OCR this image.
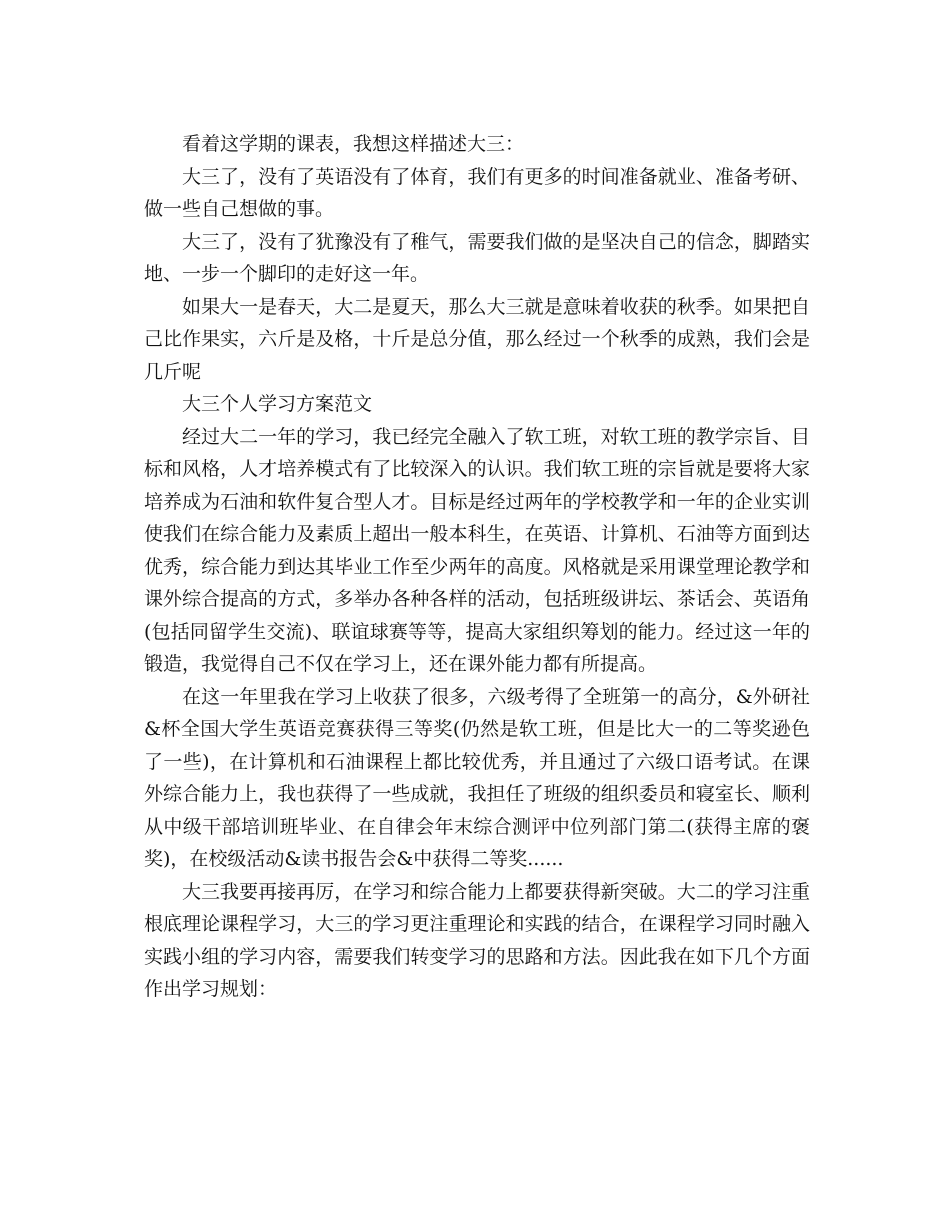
看着这学期的课表，我想这样描述大三：

大三了，没有了英语没有了体育，我们有更多的时间准备就业、准备考研、做一些自己想做的事。

大三了，没有了犹豫没有了稚气，需要我们做的是坚决自己的信念，脚踏实地、一步一个脚印的走好这一年。

如果大一是春天，大二是夏天，那么大三就是意味着收获的秋季。如果把自己比作果实，六斤是及格，十斤是总分值，那么经过一个秋季的成熟，我们会是几斤呢

大三个人学习方案范文

经过大二一年的学习，我已经完全融入了软工班，对软工班的教学宗旨、目标和风格，人才培养模式有了比较深入的认识。我们软工班的宗旨就是要将大家培养成为石油和软件复合型人才。目标是经过两年的学校教学和一年的企业实训使我们在综合能力及素质上超出一般本科生，在英语、计算机、石油等方面到达优秀，综合能力到达其毕业工作至少两年的高度。风格就是采用课堂理论教学和课外综合提高的方式，多举办各种各样的活动，包括班级讲坛、茶话会、英语角(包括同留学生交流)、联谊球赛等等，提高大家组织筹划的能力。经过这一年的锻造，我觉得自己不仅在学习上，还在课外能力都有所提高。

在这一年里我在学习上收获了很多，六级考得了全班第一的高分，&外研社&杯全国大学生英语竞赛获得三等奖(仍然是软工班，但是比大一的二等奖逊色了一些)，在计算机和石油课程上都比较优秀，并且通过了六级口语考试。在课外综合能力上，我也获得了一些成就，我担任了班级的组织委员和寝室长、顺利从中级干部培训班毕业、在自律会年末综合测评中位列部门第二(获得主席的褒奖)，在校级活动&读书报告会&中获得二等奖......

大三我要再接再厉，在学习和综合能力上都要获得新突破。大二的学习注重根底理论课程学习，大三的学习更注重理论和实践的结合，在课程学习同时融入实践小组的学习内容，需要我们转变学习的思路和方法。因此我在如下几个方面作出学习规划：
